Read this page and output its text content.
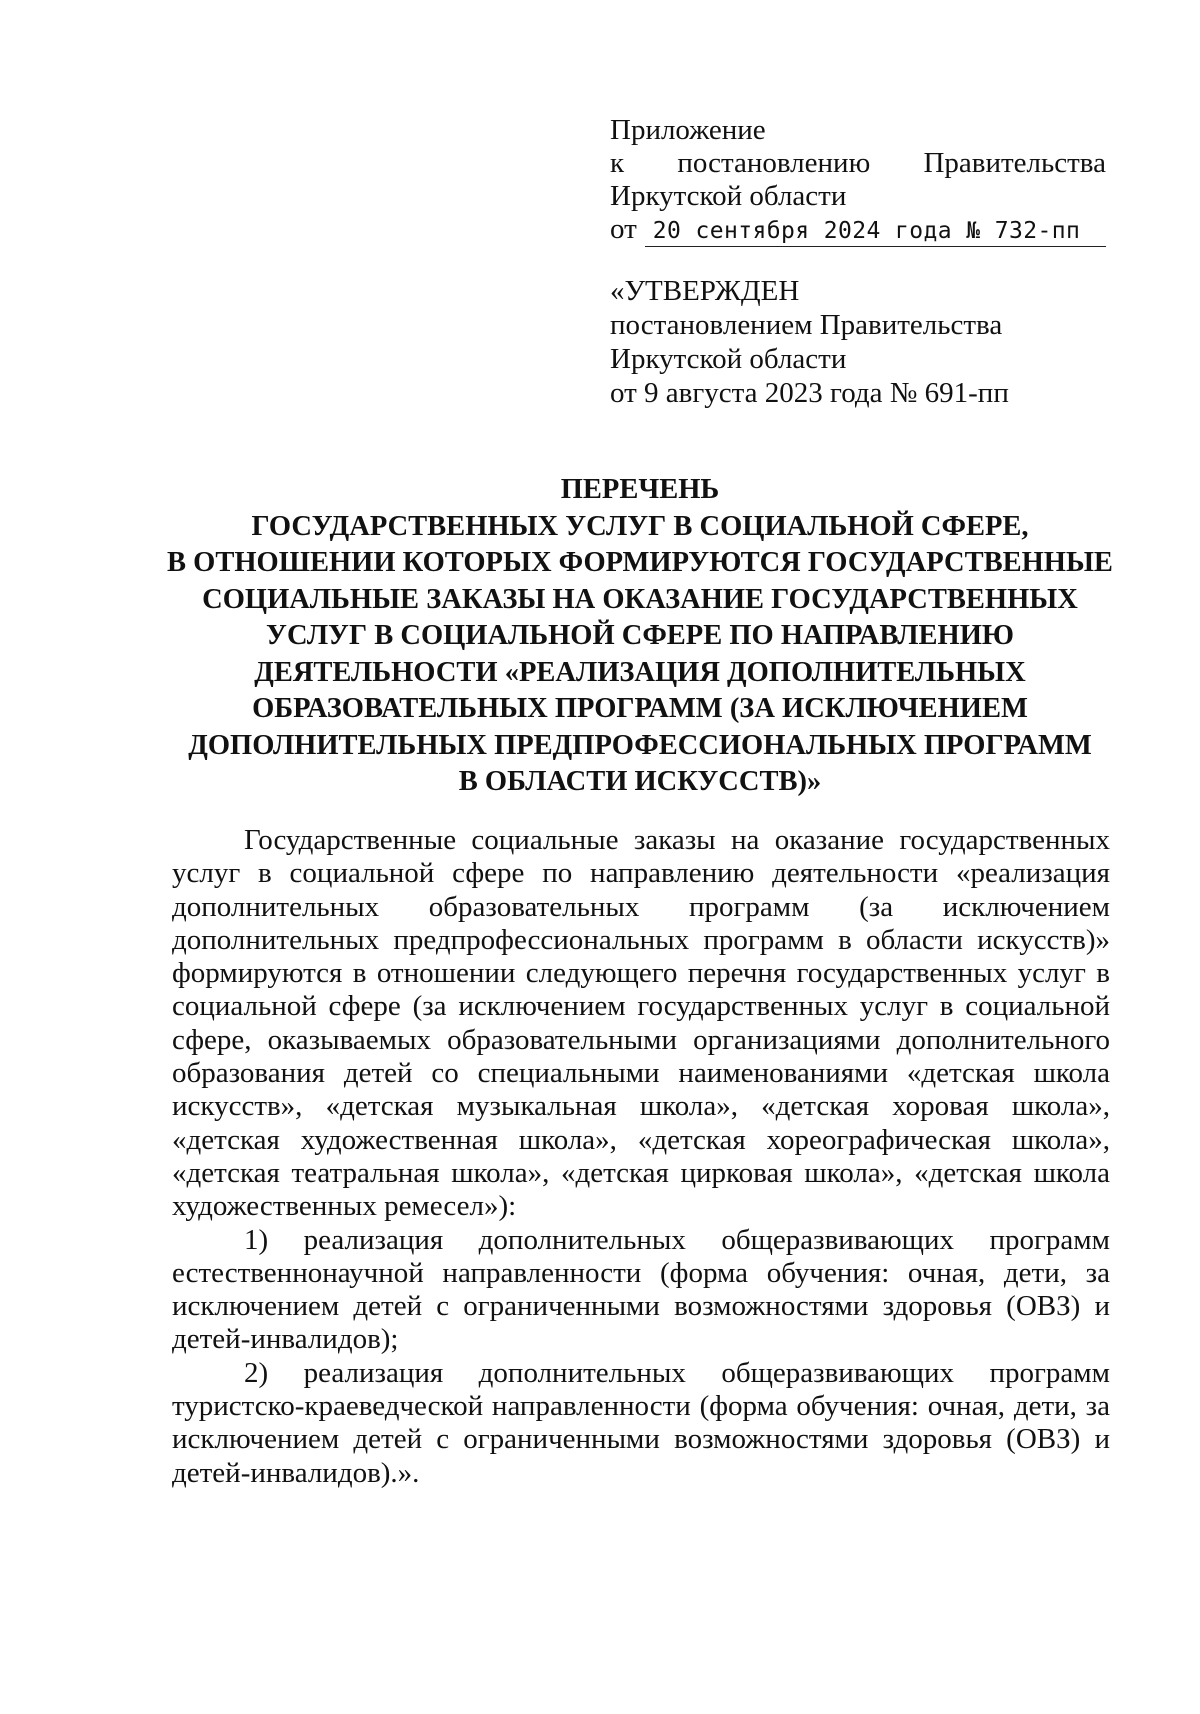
Приложение
к постановлению Правительства
Иркутской области
от 20 сентября 2024 года № 732-пп
«УТВЕРЖДЕН
постановлением Правительства
Иркутской области
от 9 августа 2023 года № 691-пп
ПЕРЕЧЕНЬ
ГОСУДАРСТВЕННЫХ УСЛУГ В СОЦИАЛЬНОЙ СФЕРЕ,
В ОТНОШЕНИИ КОТОРЫХ ФОРМИРУЮТСЯ ГОСУДАРСТВЕННЫЕ
СОЦИАЛЬНЫЕ ЗАКАЗЫ НА ОКАЗАНИЕ ГОСУДАРСТВЕННЫХ
УСЛУГ В СОЦИАЛЬНОЙ СФЕРЕ ПО НАПРАВЛЕНИЮ
ДЕЯТЕЛЬНОСТИ «РЕАЛИЗАЦИЯ ДОПОЛНИТЕЛЬНЫХ
ОБРАЗОВАТЕЛЬНЫХ ПРОГРАММ (ЗА ИСКЛЮЧЕНИЕМ
ДОПОЛНИТЕЛЬНЫХ ПРЕДПРОФЕССИОНАЛЬНЫХ ПРОГРАММ
В ОБЛАСТИ ИСКУССТВ)»

Государственные социальные заказы на оказание государственных услуг в социальной сфере по направлению деятельности «реализация дополнительных образовательных программ (за исключением дополнительных предпрофессиональных программ в области искусств)» формируются в отношении следующего перечня государственных услуг в социальной сфере (за исключением государственных услуг в социальной сфере, оказываемых образовательными организациями дополнительного образования детей со специальными наименованиями «детская школа искусств», «детская музыкальная школа», «детская хоровая школа», «детская художественная школа», «детская хореографическая школа», «детская театральная школа», «детская цирковая школа», «детская школа художественных ремесел»):

1) реализация дополнительных общеразвивающих программ естественнонаучной направленности (форма обучения: очная, дети, за исключением детей с ограниченными возможностями здоровья (ОВЗ) и детей-инвалидов);

2) реализация дополнительных общеразвивающих программ туристско-краеведческой направленности (форма обучения: очная, дети, за исключением детей с ограниченными возможностями здоровья (ОВЗ) и детей-инвалидов).».
